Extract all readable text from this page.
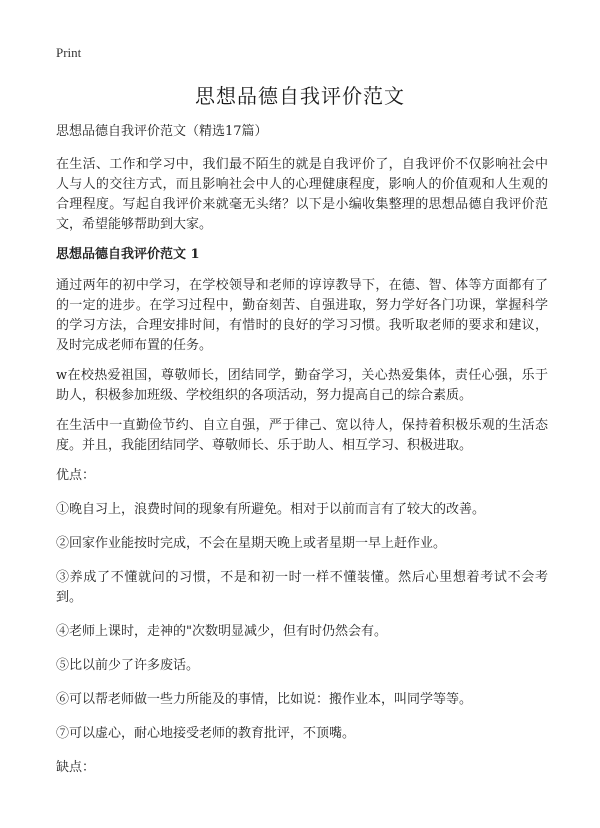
Print
思想品德自我评价范文

思想品德自我评价范文（精选17篇）

在生活、工作和学习中，我们最不陌生的就是自我评价了，自我评价不仅影响社会中人与人的交往方式，而且影响社会中人的心理健康程度，影响人的价值观和人生观的合理程度。写起自我评价来就毫无头绪？以下是小编收集整理的思想品德自我评价范文，希望能够帮助到大家。

思想品德自我评价范文 1

通过两年的初中学习，在学校领导和老师的谆谆教导下，在德、智、体等方面都有了的一定的进步。在学习过程中，勤奋刻苦、自强进取，努力学好各门功课，掌握科学的学习方法，合理安排时间，有惜时的良好的学习习惯。我听取老师的要求和建议，及时完成老师布置的任务。

w在校热爱祖国，尊敬师长，团结同学，勤奋学习，关心热爱集体，责任心强，乐于助人，积极参加班级、学校组织的各项活动，努力提高自己的综合素质。

在生活中一直勤俭节约、自立自强，严于律己、宽以待人，保持着积极乐观的生活态度。并且，我能团结同学、尊敬师长、乐于助人、相互学习、积极进取。

优点：

①晚自习上，浪费时间的现象有所避免。相对于以前而言有了较大的改善。

②回家作业能按时完成，不会在星期天晚上或者星期一早上赶作业。

③养成了不懂就问的习惯，不是和初一时一样不懂装懂。然后心里想着考试不会考到。

④老师上课时，走神的"次数明显减少，但有时仍然会有。

⑤比以前少了许多废话。

⑥可以帮老师做一些力所能及的事情，比如说：搬作业本，叫同学等等。

⑦可以虚心，耐心地接受老师的教育批评，不顶嘴。

缺点：
